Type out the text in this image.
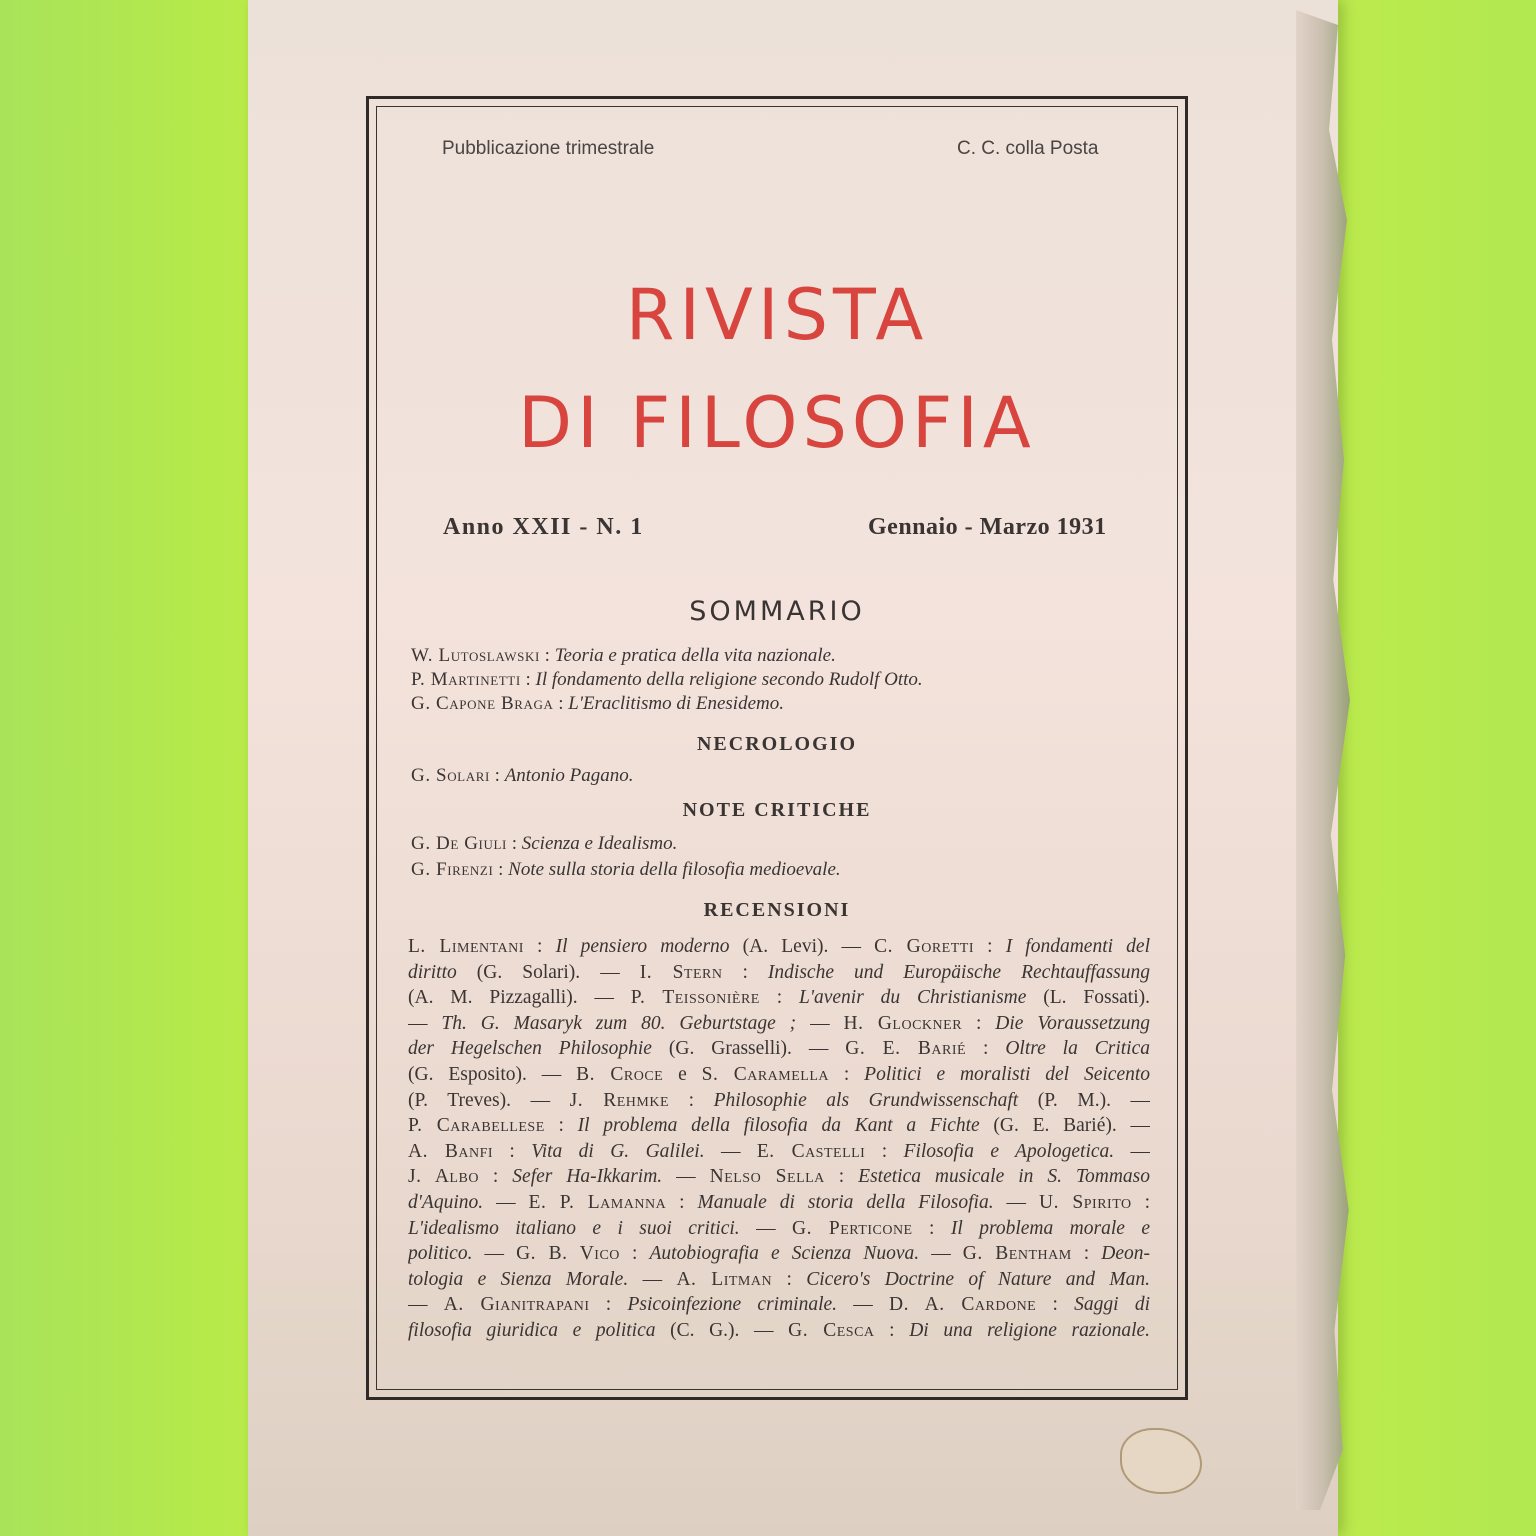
Pubblicazione trimestrale	C. C. colla Posta
RIVISTA
DI FILOSOFIA
Anno XXII - N. 1	Gennaio - Marzo 1931
SOMMARIO
W. Lutoslawski : Teoria e pratica della vita nazionale.
P. Martinetti : Il fondamento della religione secondo Rudolf Otto.
G. Capone Braga : L'Eraclitismo di Enesidemo.
NECROLOGIO
G. Solari : Antonio Pagano.
NOTE CRITICHE
G. De Giuli : Scienza e Idealismo.
G. Firenzi : Note sulla storia della filosofia medioevale.
RECENSIONI
L. Limentani : Il pensiero moderno (A. Levi). — C. Goretti : I fondamenti del
diritto (G. Solari). — I. Stern : Indische und Europäische Rechtauffassung
(A. M. Pizzagalli). — P. Teissonière : L'avenir du Christianisme (L. Fossati).
— Th. G. Masaryk zum 80. Geburtstage ; — H. Glockner : Die Voraussetzung
der Hegelschen Philosophie (G. Grasselli). — G. E. Barié : Oltre la Critica
(G. Esposito). — B. Croce e S. Caramella : Politici e moralisti del Seicento
(P. Treves). — J. Rehmke : Philosophie als Grundwissenschaft (P. M.). —
P. Carabellese : Il problema della filosofia da Kant a Fichte (G. E. Barié). —
A. Banfi : Vita di G. Galilei. — E. Castelli : Filosofia e Apologetica. —
J. Albo : Sefer Ha-Ikkarim. — Nelso Sella : Estetica musicale in S. Tommaso
d'Aquino. — E. P. Lamanna : Manuale di storia della Filosofia. — U. Spirito :
L'idealismo italiano e i suoi critici. — G. Perticone : Il problema morale e
politico. — G. B. Vico : Autobiografia e Scienza Nuova. — G. Bentham : Deon-
tologia e Sienza Morale. — A. Litman : Cicero's Doctrine of Nature and Man.
— A. Gianitrapani : Psicoinfezione criminale. — D. A. Cardone : Saggi di
filosofia giuridica e politica (C. G.). — G. Cesca : Di una religione razionale.
